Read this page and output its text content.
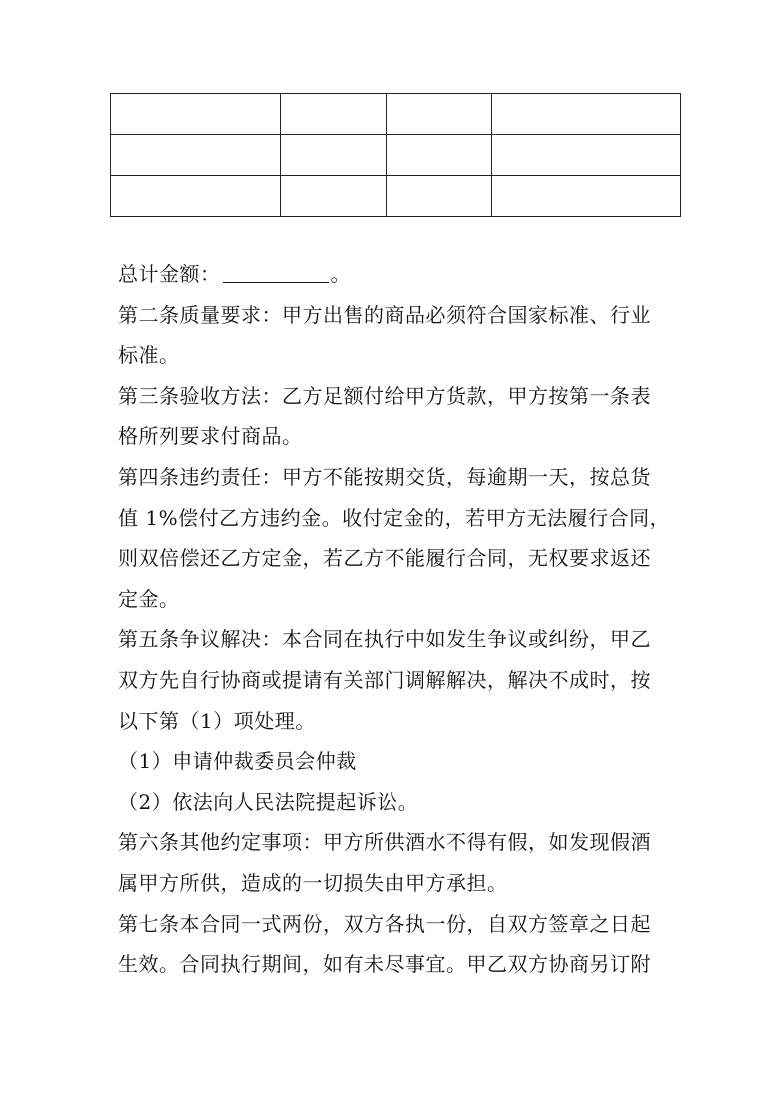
总计金额：	。

第二条质量要求：甲方出售的商品必须符合国家标准、行业

标准。

第三条验收方法：乙方足额付给甲方货款，甲方按第一条表

格所列要求付商品。

第四条违约责任：甲方不能按期交货，每逾期一天，按总货

值 1%偿付乙方违约金。收付定金的，若甲方无法履行合同，

则双倍偿还乙方定金，若乙方不能履行合同，无权要求返还

定金。

第五条争议解决：本合同在执行中如发生争议或纠纷，甲乙

双方先自行协商或提请有关部门调解解决，解决不成时，按

以下第（1）项处理。

（1）申请仲裁委员会仲裁

（2）依法向人民法院提起诉讼。

第六条其他约定事项：甲方所供酒水不得有假，如发现假酒

属甲方所供，造成的一切损失由甲方承担。

第七条本合同一式两份，双方各执一份，自双方签章之日起

生效。合同执行期间，如有未尽事宜。甲乙双方协商另订附
